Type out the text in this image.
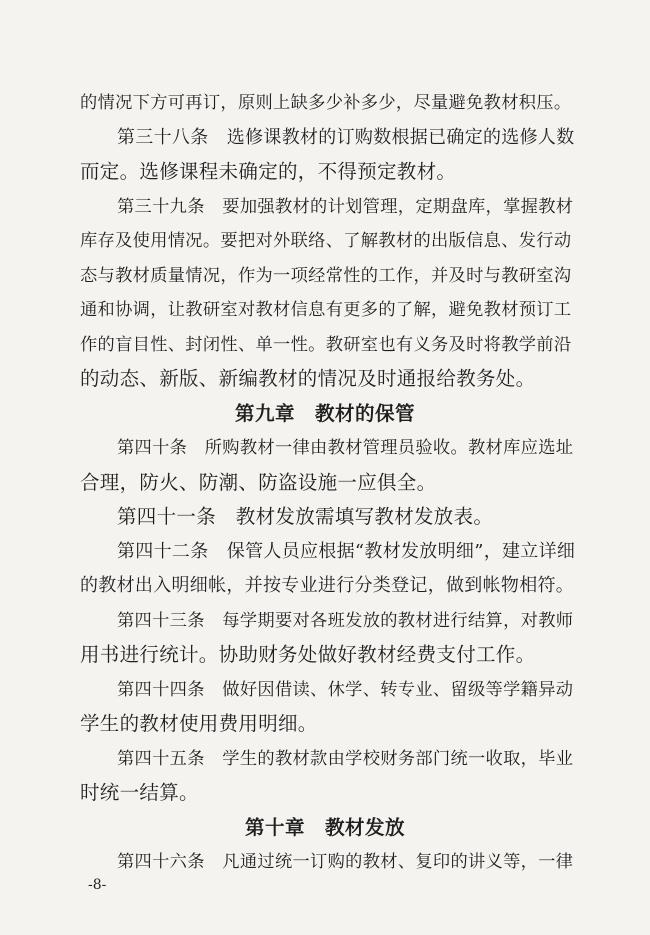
的情况下方可再订，原则上缺多少补多少，尽量避免教材积压。
第三十八条　选修课教材的订购数根据已确定的选修人数
而定。选修课程未确定的，不得预定教材。
第三十九条　要加强教材的计划管理，定期盘库，掌握教材
库存及使用情况。要把对外联络、了解教材的出版信息、发行动
态与教材质量情况，作为一项经常性的工作，并及时与教研室沟
通和协调，让教研室对教材信息有更多的了解，避免教材预订工
作的盲目性、封闭性、单一性。教研室也有义务及时将教学前沿
的动态、新版、新编教材的情况及时通报给教务处。
第九章　教材的保管
第四十条　所购教材一律由教材管理员验收。教材库应选址
合理，防火、防潮、防盗设施一应俱全。
第四十一条　教材发放需填写教材发放表。
第四十二条　保管人员应根据“教材发放明细”，建立详细
的教材出入明细帐，并按专业进行分类登记，做到帐物相符。
第四十三条　每学期要对各班发放的教材进行结算，对教师
用书进行统计。协助财务处做好教材经费支付工作。
第四十四条　做好因借读、休学、转专业、留级等学籍异动
学生的教材使用费用明细。
第四十五条　学生的教材款由学校财务部门统一收取，毕业
时统一结算。
第十章　教材发放
第四十六条　凡通过统一订购的教材、复印的讲义等，一律
-8-
